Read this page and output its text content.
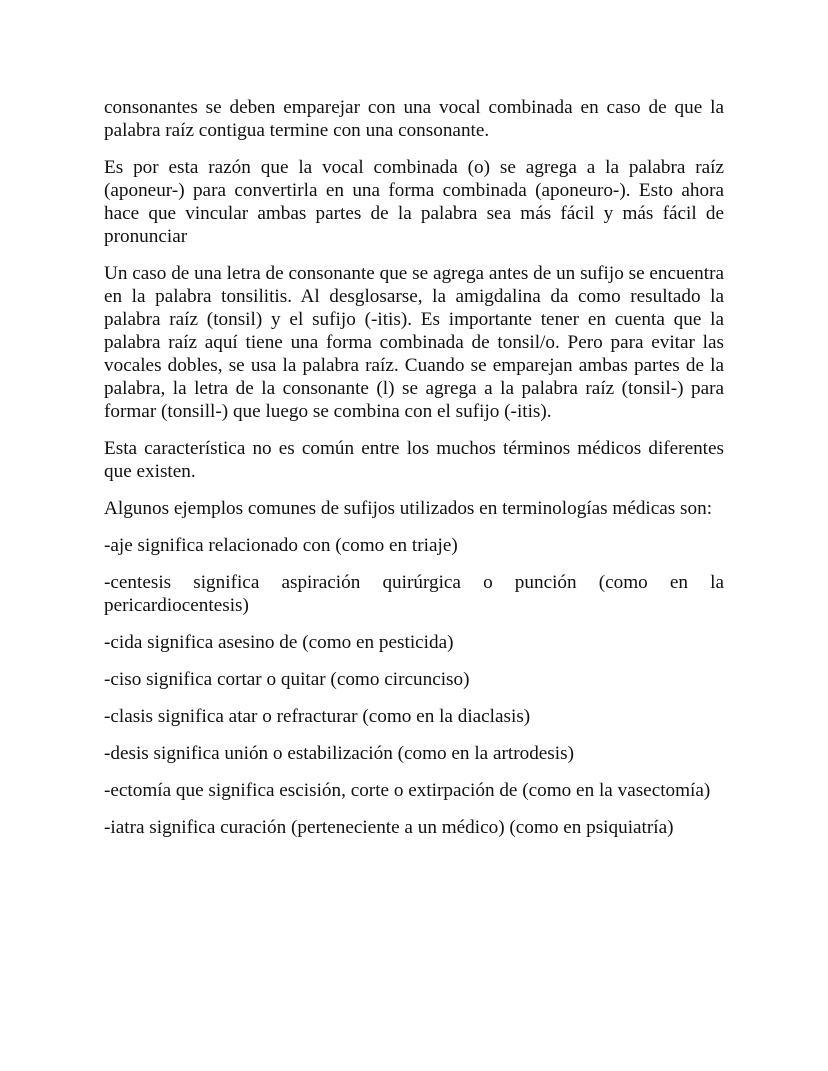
consonantes se deben emparejar con una vocal combinada en caso de que la palabra raíz contigua termine con una consonante.

Es por esta razón que la vocal combinada (o) se agrega a la palabra raíz (aponeur-) para convertirla en una forma combinada (aponeuro-). Esto ahora hace que vincular ambas partes de la palabra sea más fácil y más fácil de pronunciar

Un caso de una letra de consonante que se agrega antes de un sufijo se encuentra en la palabra tonsilitis. Al desglosarse, la amigdalina da como resultado la palabra raíz (tonsil) y el sufijo (-itis). Es importante tener en cuenta que la palabra raíz aquí tiene una forma combinada de tonsil/o. Pero para evitar las vocales dobles, se usa la palabra raíz. Cuando se emparejan ambas partes de la palabra, la letra de la consonante (l) se agrega a la palabra raíz (tonsil-) para formar (tonsill-) que luego se combina con el sufijo (-itis).

Esta característica no es común entre los muchos términos médicos diferentes que existen.

Algunos ejemplos comunes de sufijos utilizados en terminologías médicas son:

-aje significa relacionado con (como en triaje)

-centesis significa aspiración quirúrgica o punción (como en la pericardiocentesis)

-cida significa asesino de (como en pesticida)

-ciso significa cortar o quitar (como circunciso)

-clasis significa atar o refracturar (como en la diaclasis)

-desis significa unión o estabilización (como en la artrodesis)

-ectomía que significa escisión, corte o extirpación de (como en la vasectomía)

-iatra significa curación (perteneciente a un médico) (como en psiquiatría)
